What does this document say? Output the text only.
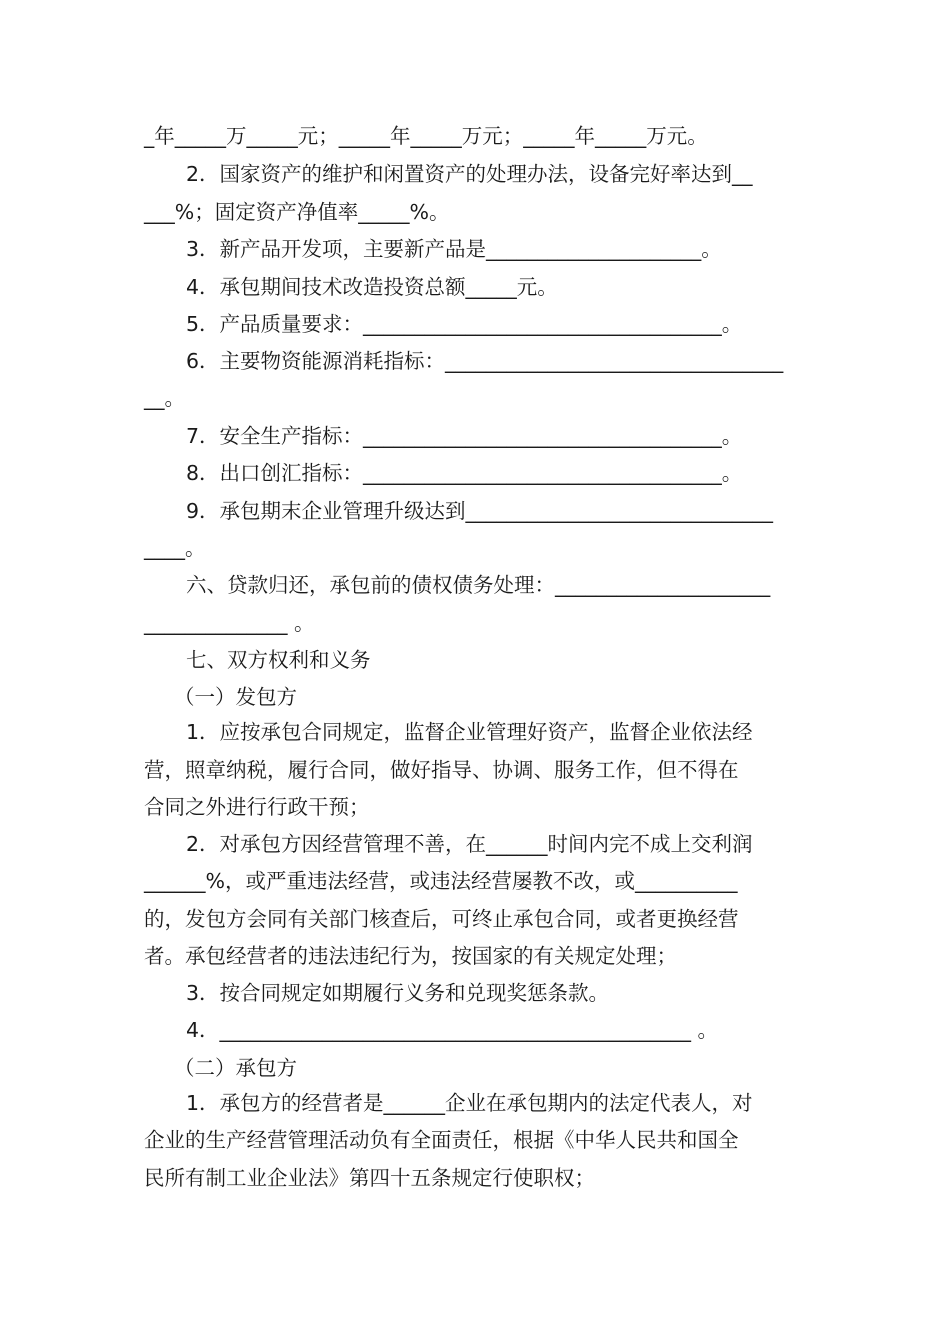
_年_____万_____元；_____年_____万元；_____年_____万元。
2．国家资产的维护和闲置资产的处理办法，设备完好率达到__
___%；固定资产净值率_____%。
3．新产品开发项，主要新产品是_____________________。
4．承包期间技术改造投资总额_____元。
5．产品质量要求：___________________________________。
6．主要物资能源消耗指标：_________________________________
__。
7．安全生产指标：___________________________________。
8．出口创汇指标：___________________________________。
9．承包期末企业管理升级达到______________________________
____。
六、贷款归还，承包前的债权债务处理：_____________________
______________ 。
七、双方权利和义务
（一）发包方
1．应按承包合同规定，监督企业管理好资产，监督企业依法经
营，照章纳税，履行合同，做好指导、协调、服务工作，但不得在
合同之外进行行政干预；
2．对承包方因经营管理不善，在______时间内完不成上交利润
______%，或严重违法经营，或违法经营屡教不改，或__________
的，发包方会同有关部门核查后，可终止承包合同，或者更换经营
者。承包经营者的违法违纪行为，按国家的有关规定处理；
3．按合同规定如期履行义务和兑现奖惩条款。
4．______________________________________________ 。
（二）承包方
1．承包方的经营者是______企业在承包期内的法定代表人，对
企业的生产经营管理活动负有全面责任，根据《中华人民共和国全
民所有制工业企业法》第四十五条规定行使职权；
